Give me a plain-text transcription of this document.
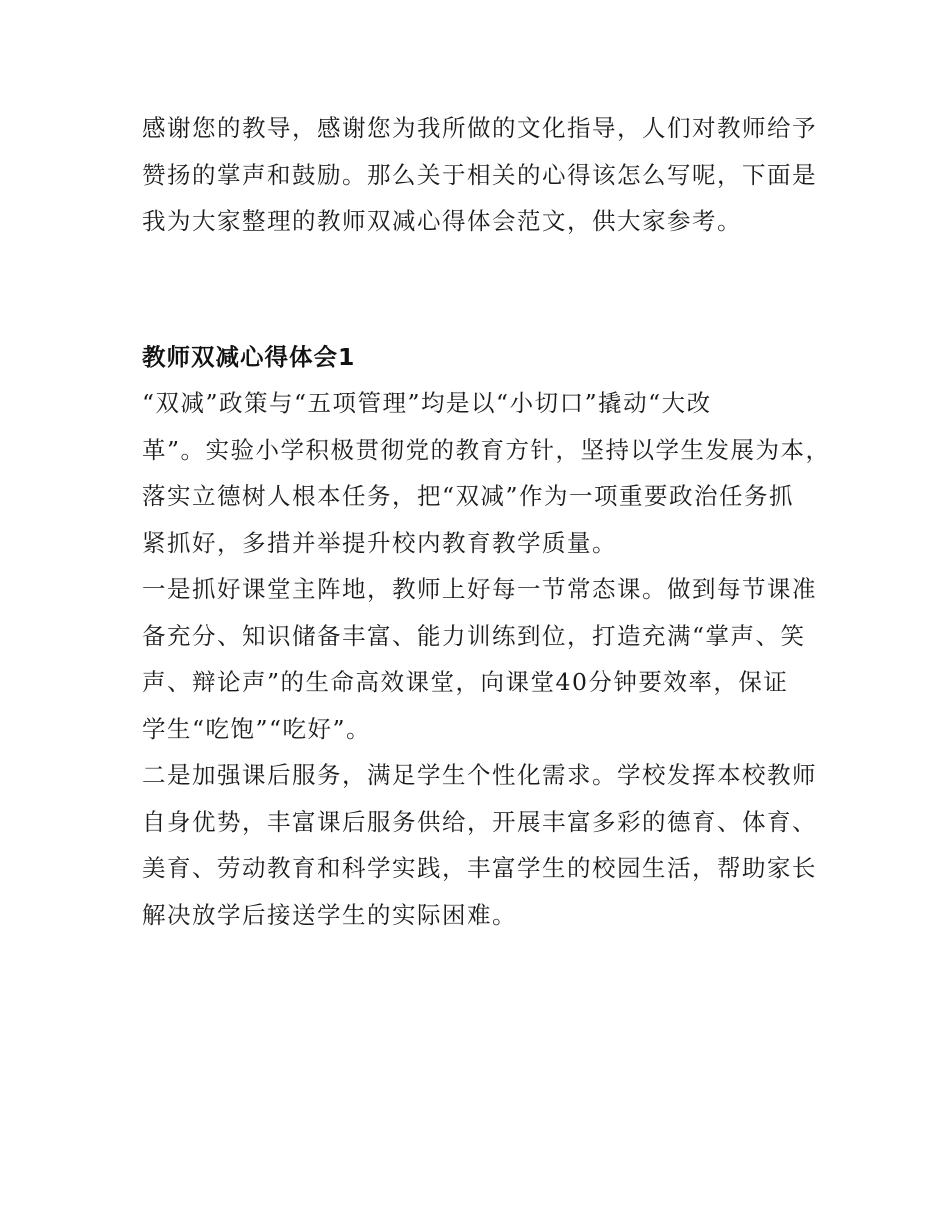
感谢您的教导，感谢您为我所做的文化指导，人们对教师给予
赞扬的掌声和鼓励。那么关于相关的心得该怎么写呢，下面是
我为大家整理的教师双减心得体会范文，供大家参考。
教师双减心得体会1
“双减”政策与“五项管理”均是以“小切口”撬动“大改
革”。实验小学积极贯彻党的教育方针，坚持以学生发展为本，
落实立德树人根本任务，把“双减”作为一项重要政治任务抓
紧抓好，多措并举提升校内教育教学质量。
一是抓好课堂主阵地，教师上好每一节常态课。做到每节课准
备充分、知识储备丰富、能力训练到位，打造充满“掌声、笑
声、辩论声”的生命高效课堂，向课堂40分钟要效率，保证
学生“吃饱”“吃好”。
二是加强课后服务，满足学生个性化需求。学校发挥本校教师
自身优势，丰富课后服务供给，开展丰富多彩的德育、体育、
美育、劳动教育和科学实践，丰富学生的校园生活，帮助家长
解决放学后接送学生的实际困难。
